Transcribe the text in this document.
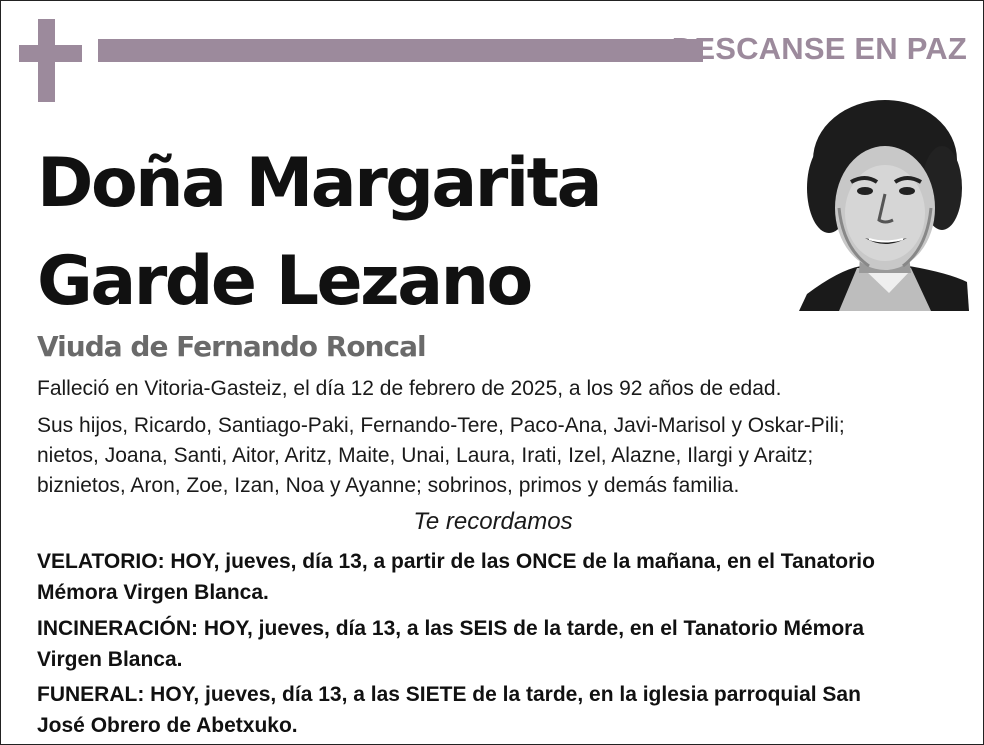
DESCANSE EN PAZ
Doña Margarita
Garde Lezano
Viuda de Fernando Roncal
Falleció en Vitoria-Gasteiz, el día 12 de febrero de 2025, a los 92 años de edad.
Sus hijos, Ricardo, Santiago-Paki, Fernando-Tere, Paco-Ana, Javi-Marisol y Oskar-Pili;
nietos, Joana, Santi, Aitor, Aritz, Maite, Unai, Laura, Irati, Izel, Alazne, Ilargi y Araitz;
biznietos, Aron, Zoe, Izan, Noa y Ayanne; sobrinos, primos y demás familia.
Te recordamos
VELATORIO: HOY, jueves, día 13, a partir de las ONCE de la mañana, en el Tanatorio
Mémora Virgen Blanca.
INCINERACIÓN: HOY, jueves, día 13, a las SEIS de la tarde, en el Tanatorio Mémora
Virgen Blanca.
FUNERAL: HOY, jueves, día 13, a las SIETE de la tarde, en la iglesia parroquial San
José Obrero de Abetxuko.
